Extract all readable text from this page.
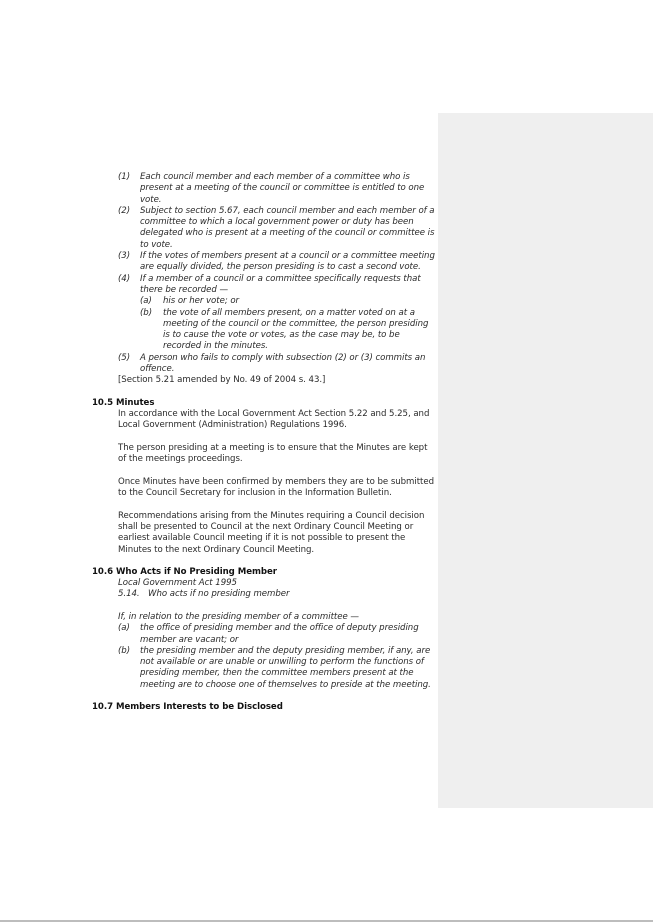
(1) Each council member and each member of a committee who is present at a meeting of the council or committee is entitled to one vote.
(2) Subject to section 5.67, each council member and each member of a committee to which a local government power or duty has been delegated who is present at a meeting of the council or committee is to vote.
(3) If the votes of members present at a council or a committee meeting are equally divided, the person presiding is to cast a second vote.
(4) If a member of a council or a committee specifically requests that there be recorded —
(a) his or her vote; or
(b) the vote of all members present, on a matter voted on at a meeting of the council or the committee, the person presiding is to cause the vote or votes, as the case may be, to be recorded in the minutes.
(5) A person who fails to comply with subsection (2) or (3) commits an offence.
[Section 5.21 amended by No. 49 of 2004 s. 43.]
10.5 Minutes
In accordance with the Local Government Act Section 5.22 and 5.25, and Local Government (Administration) Regulations 1996.
The person presiding at a meeting is to ensure that the Minutes are kept of the meetings proceedings.
Once Minutes have been confirmed by members they are to be submitted to the Council Secretary for inclusion in the Information Bulletin.
Recommendations arising from the Minutes requiring a Council decision shall be presented to Council at the next Ordinary Council Meeting or earliest available Council meeting if it is not possible to present the Minutes to the next Ordinary Council Meeting.
10.6 Who Acts if No Presiding Member
Local Government Act 1995
5.14. Who acts if no presiding member
If, in relation to the presiding member of a committee —
(a) the office of presiding member and the office of deputy presiding member are vacant; or
(b) the presiding member and the deputy presiding member, if any, are not available or are unable or unwilling to perform the functions of presiding member, then the committee members present at the meeting are to choose one of themselves to preside at the meeting.
10.7 Members Interests to be Disclosed
